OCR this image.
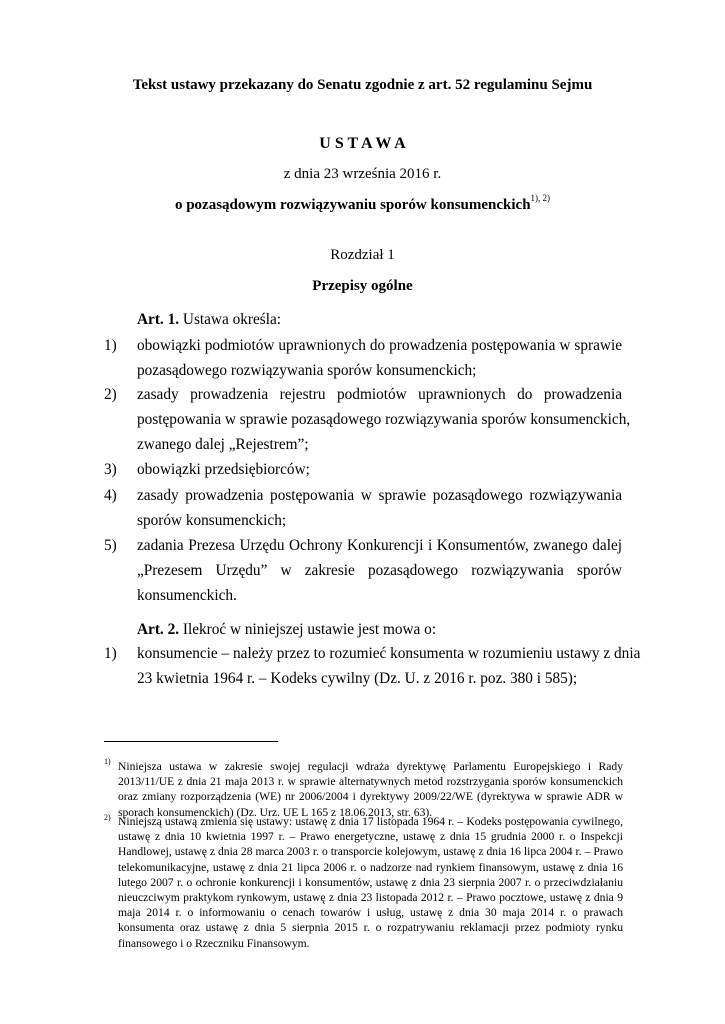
Tekst ustawy przekazany do Senatu zgodnie z art. 52 regulaminu Sejmu
U S T A W A
z dnia 23 września 2016 r.
o pozasądowym rozwiązywaniu sporów konsumenckich$^{1), 2)}$
Rozdział 1
Przepisy ogólne
Art. 1. Ustawa określa:
1) obowiązki podmiotów uprawnionych do prowadzenia postępowania w sprawie
pozasądowego rozwiązywania sporów konsumenckich;
2) zasady prowadzenia rejestru podmiotów uprawnionych do prowadzenia
postępowania w sprawie pozasądowego rozwiązywania sporów konsumenckich,
zwanego dalej „Rejestrem”;
3) obowiązki przedsiębiorców;
4) zasady prowadzenia postępowania w sprawie pozasądowego rozwiązywania
sporów konsumenckich;
5) zadania Prezesa Urzędu Ochrony Konkurencji i Konsumentów, zwanego dalej
„Prezesem Urzędu” w zakresie pozasądowego rozwiązywania sporów
konsumenckich.
Art. 2. Ilekroć w niniejszej ustawie jest mowa o:
1) konsumencie – należy przez to rozumieć konsumenta w rozumieniu ustawy z dnia
23 kwietnia 1964 r. – Kodeks cywilny (Dz. U. z 2016 r. poz. 380 i 585);
1) Niniejsza ustawa w zakresie swojej regulacji wdraża dyrektywę Parlamentu Europejskiego i Rady 2013/11/UE z dnia 21 maja 2013 r. w sprawie alternatywnych metod rozstrzygania sporów konsumenckich oraz zmiany rozporządzenia (WE) nr 2006/2004 i dyrektywy 2009/22/WE (dyrektywa w sprawie ADR w sporach konsumenckich) (Dz. Urz. UE L 165 z 18.06.2013, str. 63).
2) Niniejszą ustawą zmienia się ustawy: ustawę z dnia 17 listopada 1964 r. – Kodeks postępowania cywilnego, ustawę z dnia 10 kwietnia 1997 r. – Prawo energetyczne, ustawę z dnia 15 grudnia 2000 r. o Inspekcji Handlowej, ustawę z dnia 28 marca 2003 r. o transporcie kolejowym, ustawę z dnia 16 lipca 2004 r. – Prawo telekomunikacyjne, ustawę z dnia 21 lipca 2006 r. o nadzorze nad rynkiem finansowym, ustawę z dnia 16 lutego 2007 r. o ochronie konkurencji i konsumentów, ustawę z dnia 23 sierpnia 2007 r. o przeciwdziałaniu nieuczciwym praktykom rynkowym, ustawę z dnia 23 listopada 2012 r. – Prawo pocztowe, ustawę z dnia 9 maja 2014 r. o informowaniu o cenach towarów i usług, ustawę z dnia 30 maja 2014 r. o prawach konsumenta oraz ustawę z dnia 5 sierpnia 2015 r. o rozpatrywaniu reklamacji przez podmioty rynku finansowego i o Rzeczniku Finansowym.
